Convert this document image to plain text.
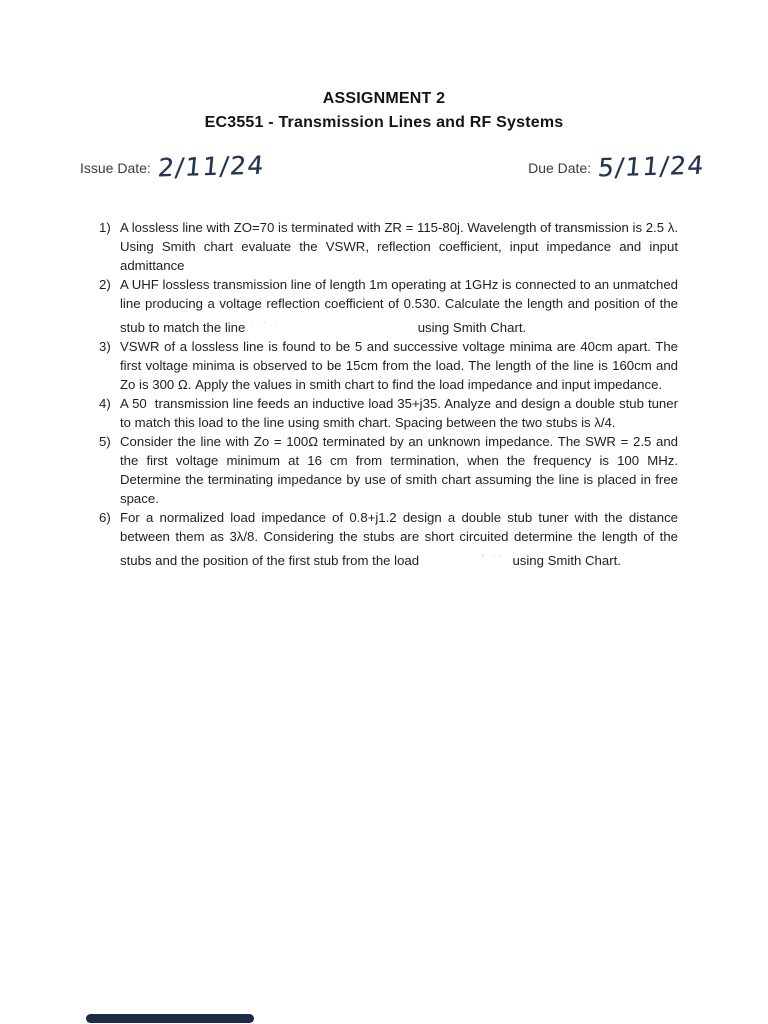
ASSIGNMENT 2
EC3551 - Transmission Lines and RF Systems
Issue Date: 2/11/24	Due Date: 5/11/24
1) A lossless line with ZO=70 is terminated with ZR = 115-80j. Wavelength of transmission is 2.5 λ. Using Smith chart evaluate the VSWR, reflection coefficient, input impedance and input admittance

2) A UHF lossless transmission line of length 1m operating at 1GHz is connected to an unmatched line producing a voltage reflection coefficient of 0.530. Calculate the length and position of the stub to match the line ··· ·	using Smith Chart.

3) VSWR of a lossless line is found to be 5 and successive voltage minima are 40cm apart. The first voltage minima is observed to be 15cm from the load. The length of the line is 160cm and Zo is 300 Ω. Apply the values in smith chart to find the load impedance and input impedance.

4) A 50  transmission line feeds an inductive load 35+j35. Analyze and design a double stub tuner to match this load to the line using smith chart. Spacing between the two stubs is λ/4.

5) Consider the line with Zo = 100Ω terminated by an unknown impedance. The SWR = 2.5 and the first voltage minimum at 16 cm from termination, when the frequency is 100 MHz. Determine the terminating impedance by use of smith chart assuming the line is placed in free space.

6) For a normalized load impedance of 0.8+j1.2 design a double stub tuner with the distance between them as 3λ/8. Considering the stubs are short circuited determine the length of the stubs and the position of the first stub from the load	- ·· using Smith Chart.
